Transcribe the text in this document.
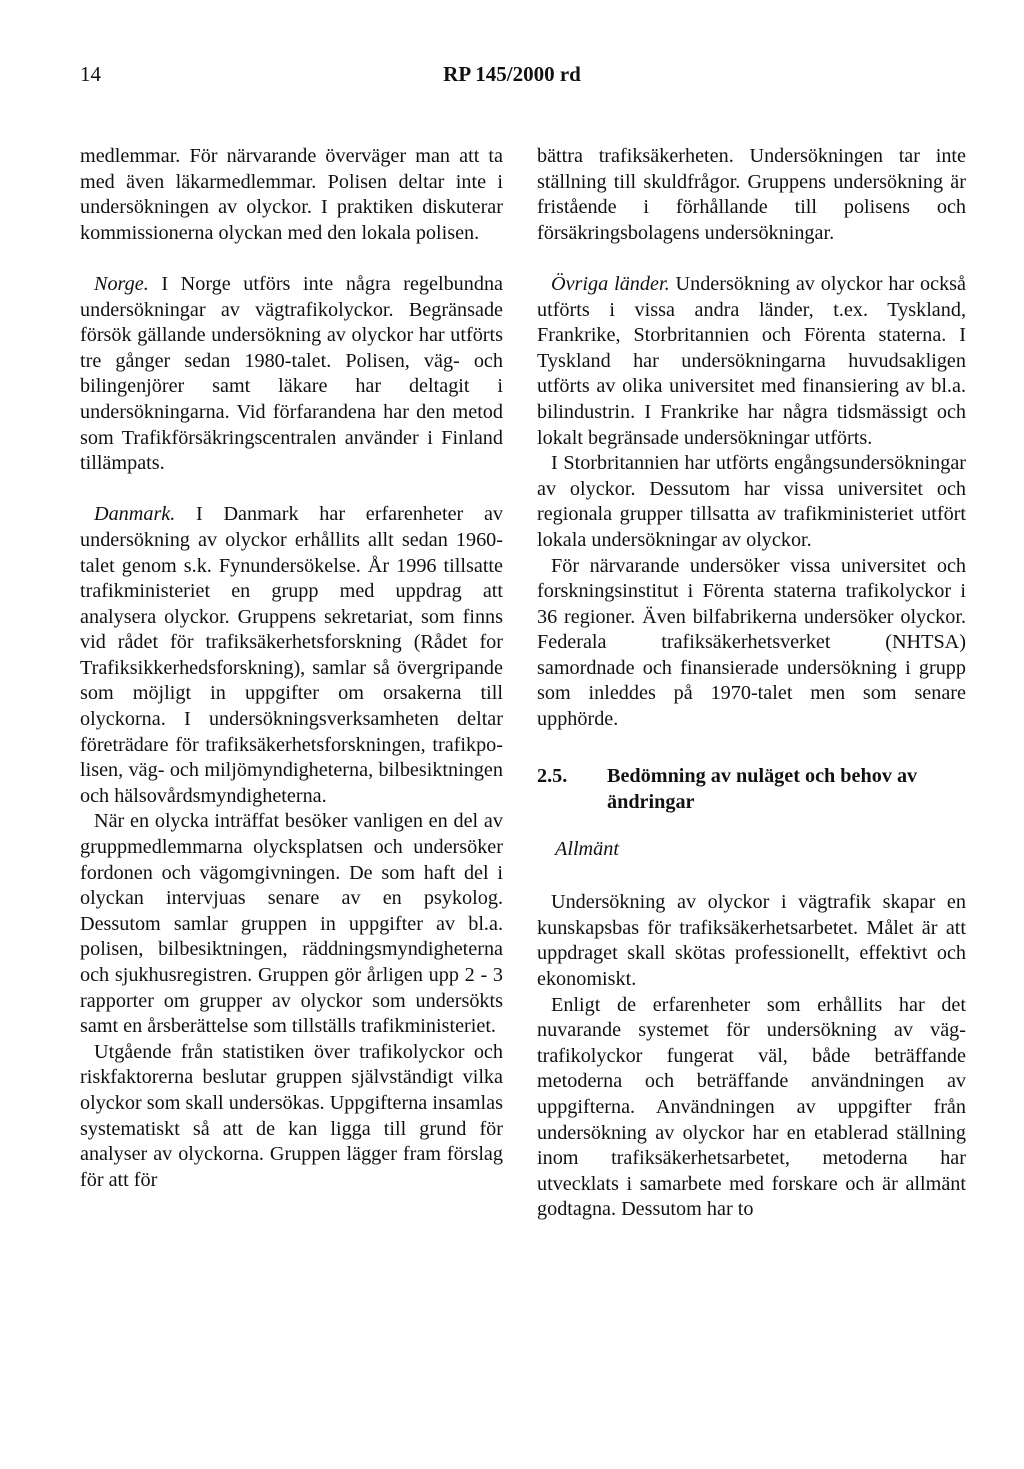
14	RP 145/2000 rd

medlemmar. För närvarande överväger man att ta med även läkarmedlemmar. Polisen deltar inte i undersökningen av olyckor. I praktiken diskuterar kommissionerna olyckan med den lokala polisen.

Norge. I Norge utförs inte några regelbundna undersökningar av vägtrafikolyckor. Begränsade försök gällande undersökning av olyckor har utförts tre gånger sedan 1980-talet. Polisen, väg- och bilingenjörer samt läkare har deltagit i undersökningarna. Vid förfarandena har den metod som Trafikförsäkringscentralen använder i Finland tillämpats.

Danmark. I Danmark har erfarenheter av undersökning av olyckor erhållits allt sedan 1960-talet genom s.k. Fynundersökelse. År 1996 tillsatte trafikministeriet en grupp med uppdrag att analysera olyckor. Gruppens sekretariat, som finns vid rådet för trafiksäkerhetsforskning (Rådet for Trafiksikkerhedsforskning), samlar så övergripande som möjligt in uppgifter om orsakerna till olyckorna. I undersökningsverksamheten deltar företrädare för trafiksäkerhetsforskningen, trafikpolisen, väg- och miljömyndigheterna, bilbesiktningen och hälsovårdsmyndigheterna.

När en olycka inträffat besöker vanligen en del av gruppmedlemmarna olycksplatsen och undersöker fordonen och vägomgivningen. De som haft del i olyckan intervjuas senare av en psykolog. Dessutom samlar gruppen in uppgifter av bl.a. polisen, bilbesiktningen, räddningsmyndigheterna och sjukhusregistren. Gruppen gör årligen upp 2 - 3 rapporter om grupper av olyckor som undersökts samt en årsberättelse som tillställs trafikministeriet.

Utgående från statistiken över trafikolyckor och riskfaktorerna beslutar gruppen självständigt vilka olyckor som skall undersökas. Uppgifterna insamlas systematiskt så att de kan ligga till grund för analyser av olyckorna. Gruppen lägger fram förslag för att för

bättra trafiksäkerheten. Undersökningen tar inte ställning till skuldfrågor. Gruppens undersökning är fristående i förhållande till polisens och försäkringsbolagens undersökningar.

Övriga länder. Undersökning av olyckor har också utförts i vissa andra länder, t.ex. Tyskland, Frankrike, Storbritannien och Förenta staterna. I Tyskland har undersökningarna huvudsakligen utförts av olika universitet med finansiering av bl.a. bilindustrin. I Frankrike har några tidsmässigt och lokalt begränsade undersökningar utförts.

I Storbritannien har utförts engångsundersökningar av olyckor. Dessutom har vissa universitet och regionala grupper tillsatta av trafikministeriet utfört lokala undersökningar av olyckor.

För närvarande undersöker vissa universitet och forskningsinstitut i Förenta staterna trafikolyckor i 36 regioner. Även bilfabrikerna undersöker olyckor. Federala trafiksäkerhetsverket (NHTSA) samordnade och finansierade undersökning i grupp som inleddes på 1970-talet men som senare upphörde.

2.5.	Bedömning av nuläget och behov av ändringar
Allmänt

Undersökning av olyckor i vägtrafik skapar en kunskapsbas för trafiksäkerhetsarbetet. Målet är att uppdraget skall skötas professionellt, effektivt och ekonomiskt.

Enligt de erfarenheter som erhållits har det nuvarande systemet för undersökning av vägtrafikolyckor fungerat väl, både beträffande metoderna och beträffande användningen av uppgifterna. Användningen av uppgifter från undersökning av olyckor har en etablerad ställning inom trafiksäkerhetsarbetet, metoderna har utvecklats i samarbete med forskare och är allmänt godtagna. Dessutom har to
